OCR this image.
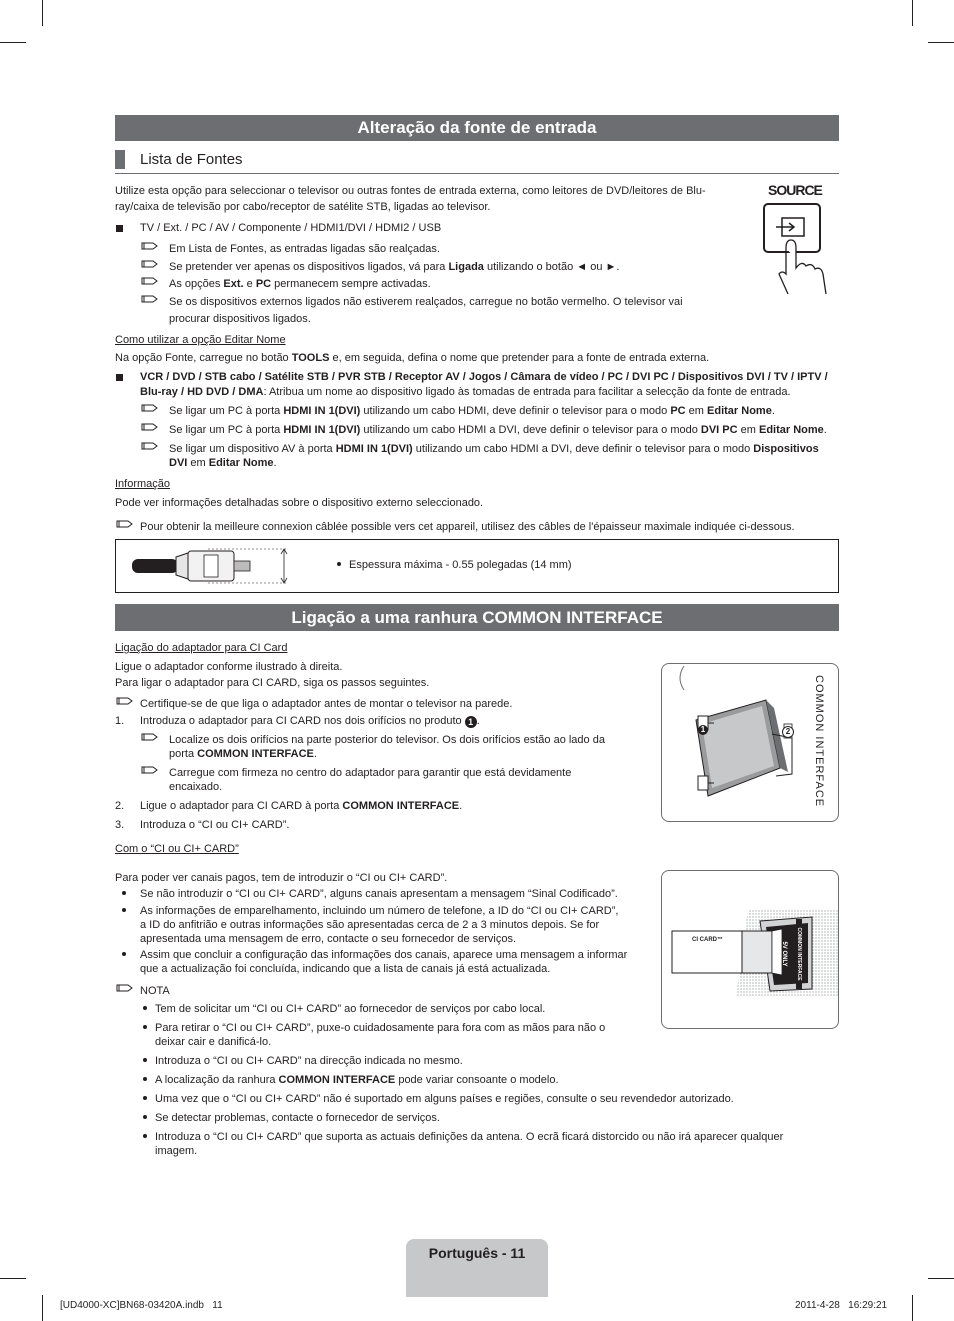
Alteração da fonte de entrada
Lista de Fontes
Utilize esta opção para seleccionar o televisor ou outras fontes de entrada externa, como leitores de DVD/leitores de Blu-
ray/caixa de televisão por cabo/receptor de satélite STB, ligadas ao televisor.
SOURCE
TV / Ext. / PC / AV / Componente / HDMI1/DVI / HDMI2 / USB
Em Lista de Fontes, as entradas ligadas são realçadas.
Se pretender ver apenas os dispositivos ligados, vá para Ligada utilizando o botão ◄ ou ►.
As opções Ext. e PC permanecem sempre activadas.
Se os dispositivos externos ligados não estiverem realçados, carregue no botão vermelho. O televisor vai
procurar dispositivos ligados.
Como utilizar a opção Editar Nome
Na opção Fonte, carregue no botão TOOLS e, em seguida, defina o nome que pretender para a fonte de entrada externa.
VCR / DVD / STB cabo / Satélite STB / PVR STB / Receptor AV / Jogos / Câmara de vídeo / PC / DVI PC / Dispositivos DVI / TV / IPTV /
Blu-ray / HD DVD / DMA: Atribua um nome ao dispositivo ligado às tomadas de entrada para facilitar a selecção da fonte de entrada.
Se ligar um PC à porta HDMI IN 1(DVI) utilizando um cabo HDMI, deve definir o televisor para o modo PC em Editar Nome.
Se ligar um PC à porta HDMI IN 1(DVI) utilizando um cabo HDMI a DVI, deve definir o televisor para o modo DVI PC em Editar Nome.
Se ligar um dispositivo AV à porta HDMI IN 1(DVI) utilizando um cabo HDMI a DVI, deve definir o televisor para o modo Dispositivos
DVI em Editar Nome.
Informação
Pode ver informações detalhadas sobre o dispositivo externo seleccionado.
Pour obtenir la meilleure connexion câblée possible vers cet appareil, utilisez des câbles de l'épaisseur maximale indiquée ci-dessous.
Espessura máxima - 0.55 polegadas (14 mm)
Ligação a uma ranhura COMMON INTERFACE
Ligação do adaptador para CI Card
Ligue o adaptador conforme ilustrado à direita.
Para ligar o adaptador para CI CARD, siga os passos seguintes.
Certifique-se de que liga o adaptador antes de montar o televisor na parede.
1. Introduza o adaptador para CI CARD nos dois orifícios no produto 1 .
Localize os dois orifícios na parte posterior do televisor. Os dois orifícios estão ao lado da
porta COMMON INTERFACE.
Carregue com firmeza no centro do adaptador para garantir que está devidamente
encaixado.
2. Ligue o adaptador para CI CARD à porta COMMON INTERFACE.
3. Introduza o “CI ou CI+ CARD”.
1	2	COMMON INTERFACE
Com o “CI ou CI+ CARD”
Para poder ver canais pagos, tem de introduzir o “CI ou CI+ CARD”.
Se não introduzir o “CI ou CI+ CARD”, alguns canais apresentam a mensagem “Sinal Codificado”.
As informações de emparelhamento, incluindo um número de telefone, a ID do “CI ou CI+ CARD”,
a ID do anfitrião e outras informações são apresentadas cerca de 2 a 3 minutos depois. Se for
apresentada uma mensagem de erro, contacte o seu fornecedor de serviços.
Assim que concluir a configuração das informações dos canais, aparece uma mensagem a informar
que a actualização foi concluída, indicando que a lista de canais já está actualizada.
CI CARD™	COMMON INTERFACE
5V ONLY
NOTA
Tem de solicitar um “CI ou CI+ CARD” ao fornecedor de serviços por cabo local.
Para retirar o “CI ou CI+ CARD”, puxe-o cuidadosamente para fora com as mãos para não o
deixar cair e danificá-lo.
Introduza o “CI ou CI+ CARD” na direcção indicada no mesmo.
A localização da ranhura COMMON INTERFACE pode variar consoante o modelo.
Uma vez que o “CI ou CI+ CARD” não é suportado em alguns países e regiões, consulte o seu revendedor autorizado.
Se detectar problemas, contacte o fornecedor de serviços.
Introduza o “CI ou CI+ CARD” que suporta as actuais definições da antena. O ecrã ficará distorcido ou não irá aparecer qualquer
imagem.
Português - 11
[UD4000-XC]BN68-03420A.indb   11	2011-4-28   16:29:21
